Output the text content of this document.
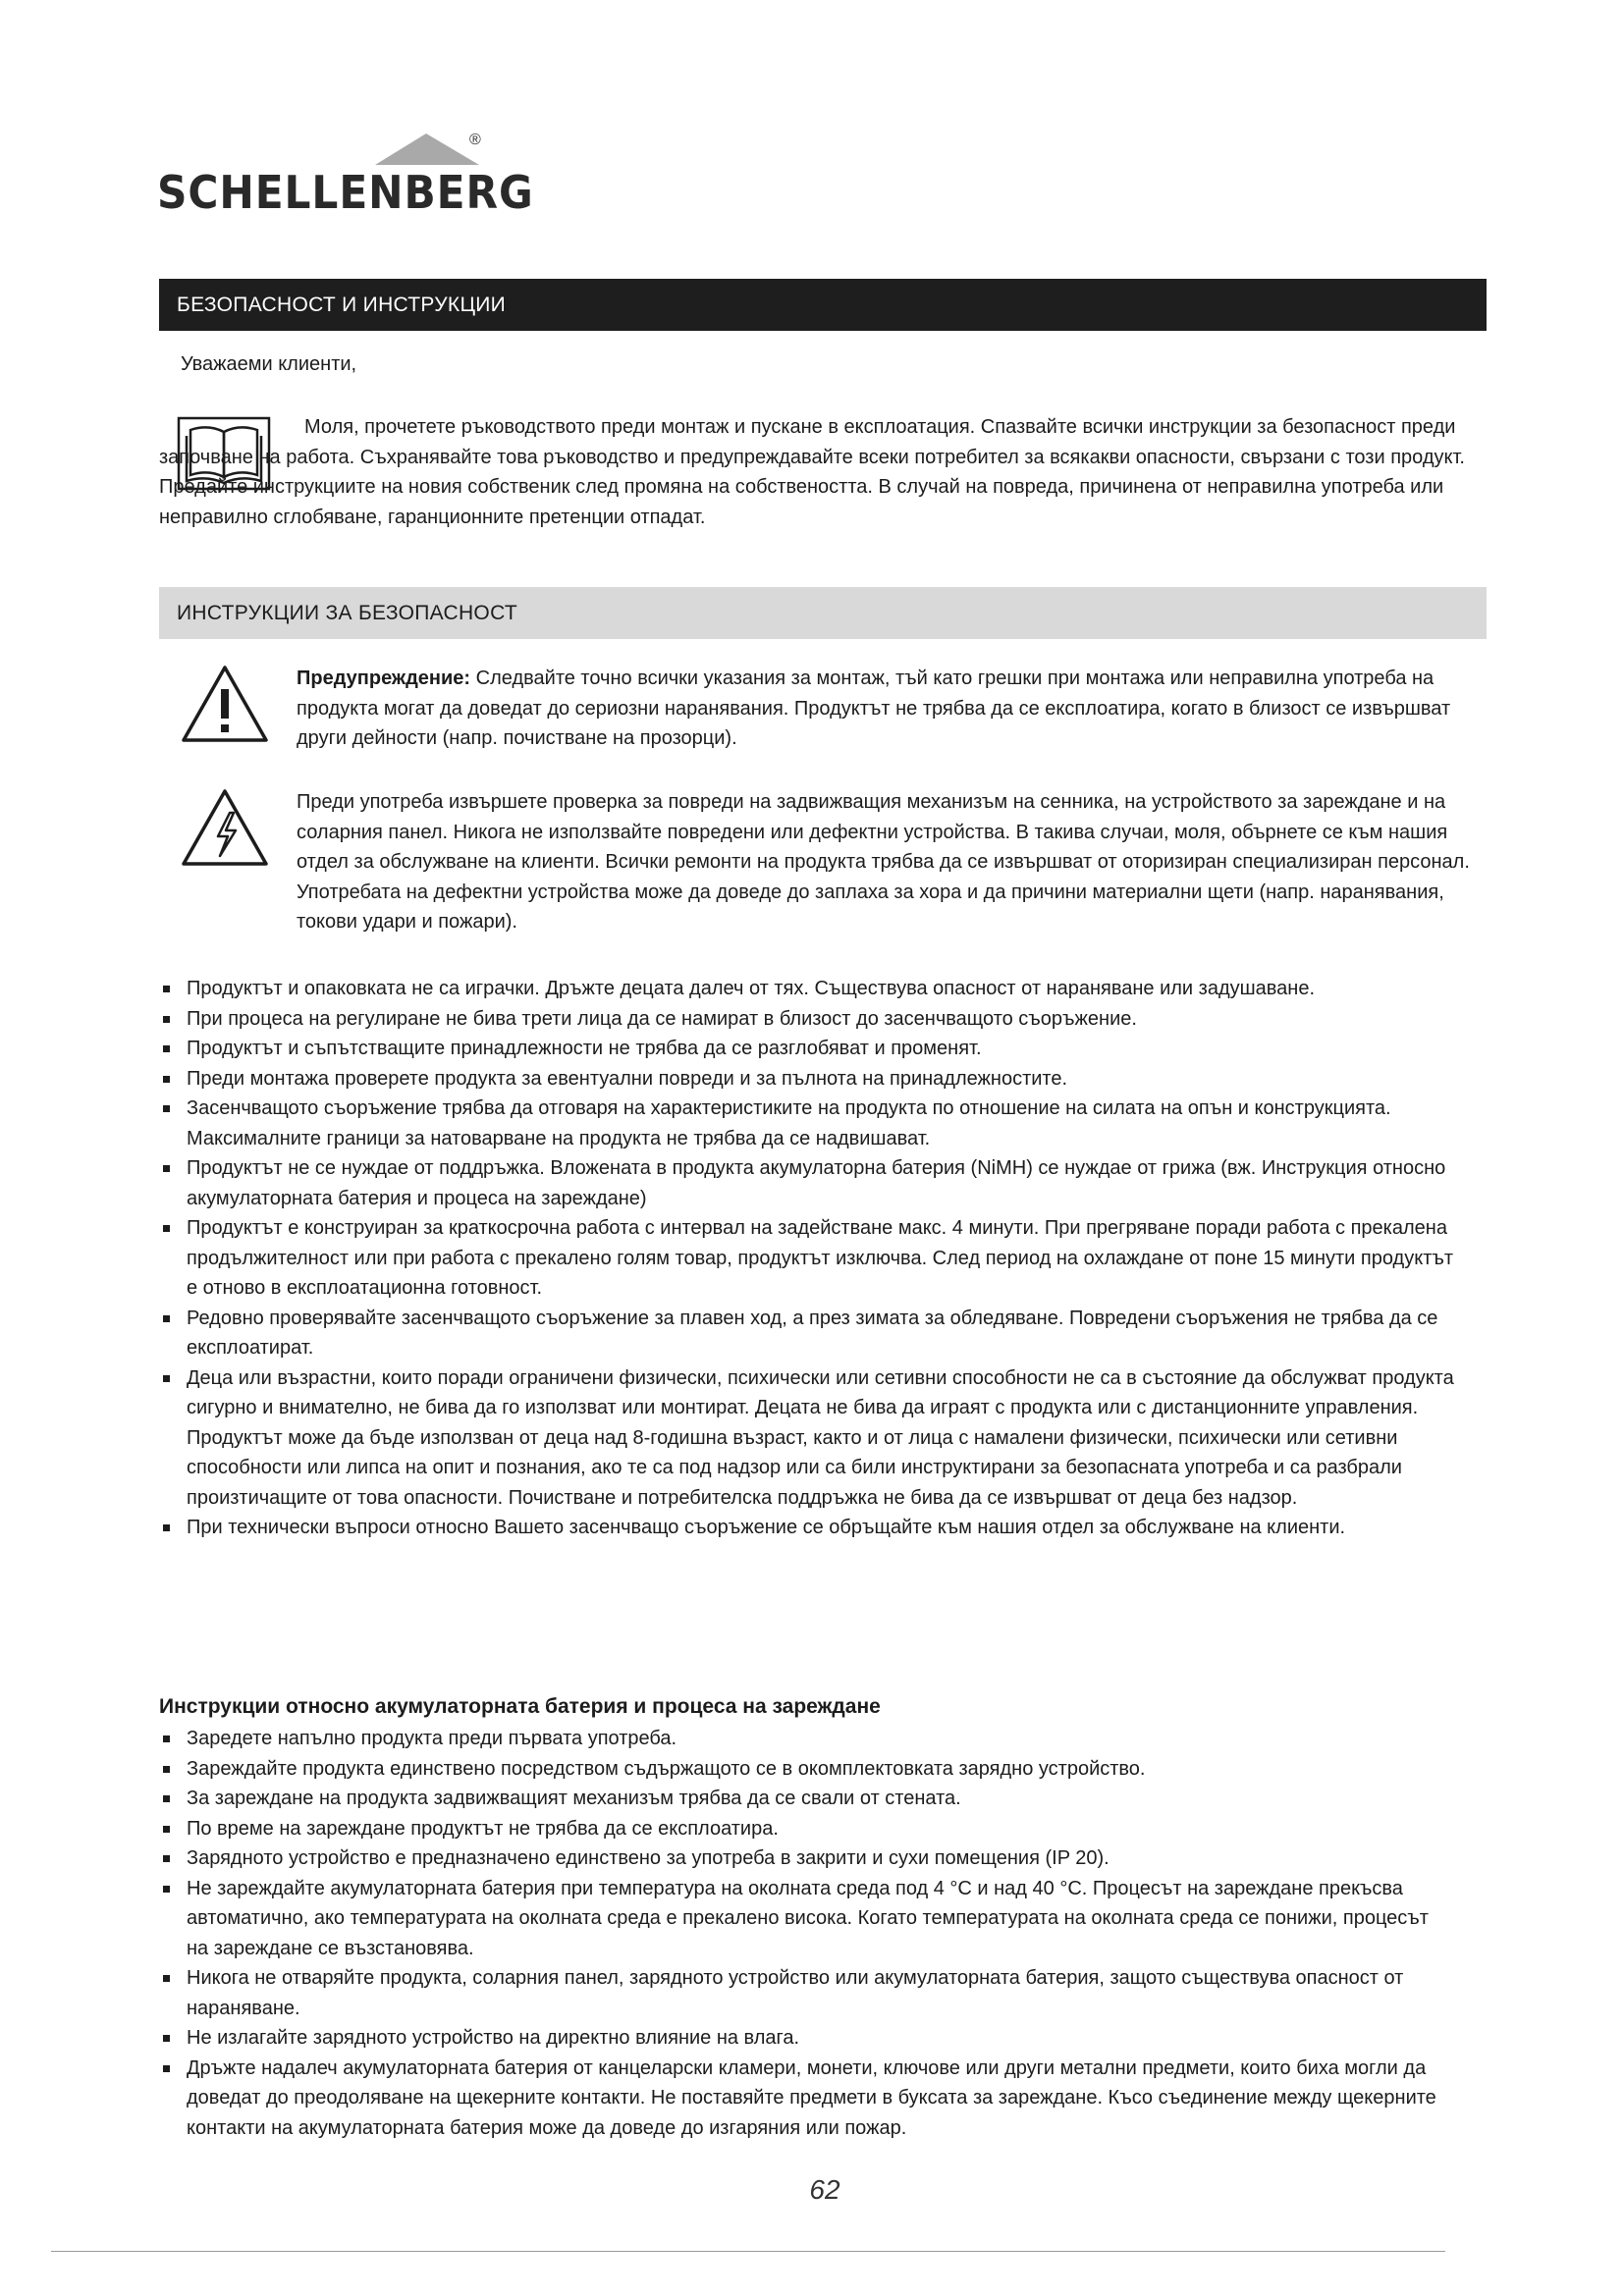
®
SCHELLENBERG
БЕЗОПАСНОСТ И ИНСТРУКЦИИ
Уважаеми клиенти,

Моля, прочетете ръководството преди монтаж и пускане в експлоатация. Спазвайте всички инструкции за безопасност преди започване на работа. Съхранявайте това ръководство и предупреждавайте всеки потребител за всякакви опасности, свързани с този продукт. Предайте инструкциите на новия собственик след промяна на собствеността. В случай на повреда, причинена от неправилна употреба или неправилно сглобяване, гаранционните претенции отпадат.

ИНСТРУКЦИИ ЗА БЕЗОПАСНОСТ

Предупреждение: Следвайте точно всички указания за монтаж, тъй като грешки при монтажа или неправилна употреба на продукта могат да доведат до сериозни наранявания. Продуктът не трябва да се експлоатира, когато в близост се извършват други дейности (напр. почистване на прозорци).

Преди употреба извършете проверка за повреди на задвижващия механизъм на сенника, на устройството за зареждане и на соларния панел. Никога не използвайте повредени или дефектни устройства. В такива случаи, моля, обърнете се към нашия отдел за обслужване на клиенти. Всички ремонти на продукта трябва да се извършват от оторизиран специализиран персонал. Употребата на дефектни устройства може да доведе до заплаха за хора и да причини материални щети (напр. наранявания, токови удари и пожари).

Продуктът и опаковката не са играчки. Дръжте децата далеч от тях. Съществува опасност от нараняване или задушаване.
При процеса на регулиране не бива трети лица да се намират в близост до засенчващото съоръжение.
Продуктът и съпътстващите принадлежности не трябва да се разглобяват и променят.
Преди монтажа проверете продукта за евентуални повреди и за пълнота на принадлежностите.
Засенчващото съоръжение трябва да отговаря на характеристиките на продукта по отношение на силата на опън и конструкцията. Максималните граници за натоварване на продукта не трябва да се надвишават.
Продуктът не се нуждае от поддръжка. Вложената в продукта акумулаторна батерия (NiMH) се нуждае от грижа (вж. Инструкция относно акумулаторната батерия и процеса на зареждане)
Продуктът е конструиран за краткосрочна работа с интервал на задействане макс. 4 минути. При прегряване поради работа с прекалена продължителност или при работа с прекалено голям товар, продуктът изключва. След период на охлаждане от поне 15 минути продуктът е отново в експлоатационна готовност.
Редовно проверявайте засенчващото съоръжение за плавен ход, а през зимата за обледяване. Повредени съоръжения не трябва да се експлоатират.
Деца или възрастни, които поради ограничени физически, психически или сетивни способности не са в състояние да обслужват продукта сигурно и внимателно, не бива да го използват или монтират. Децата не бива да играят с продукта или с дистанционните управления. Продуктът може да бъде използван от деца над 8-годишна възраст, както и от лица с намалени физически, психически или сетивни способности или липса на опит и познания, ако те са под надзор или са били инструктирани за безопасната употреба и са разбрали произтичащите от това опасности. Почистване и потребителска поддръжка не бива да се извършват от деца без надзор.
При технически въпроси относно Вашето засенчващо съоръжение се обръщайте към нашия отдел за обслужване на клиенти.
Инструкции относно акумулаторната батерия и процеса на зареждане
Заредете напълно продукта преди първата употреба.
Зареждайте продукта единствено посредством съдържащото се в окомплектовката зарядно устройство.
За зареждане на продукта задвижващият механизъм трябва да се свали от стената.
По време на зареждане продуктът не трябва да се експлоатира.
Зарядното устройство е предназначено единствено за употреба в закрити и сухи помещения (IP 20).
Не зареждайте акумулаторната батерия при температура на околната среда под 4 °C и над 40 °C. Процесът на зареждане прекъсва автоматично, ако температурата на околната среда е прекалено висока. Когато температурата на околната среда се понижи, процесът на зареждане се възстановява.
Никога не отваряйте продукта, соларния панел, зарядното устройство или акумулаторната батерия, защото съществува опасност от нараняване.
Не излагайте зарядното устройство на директно влияние на влага.
Дръжте надалеч акумулаторната батерия от канцеларски кламери, монети, ключове или други метални предмети, които биха могли да доведат до преодоляване на щекерните контакти. Не поставяйте предмети в буксата за зареждане. Късо съединение между щекерните контакти на акумулаторната батерия може да доведе до изгаряния или пожар.
62
